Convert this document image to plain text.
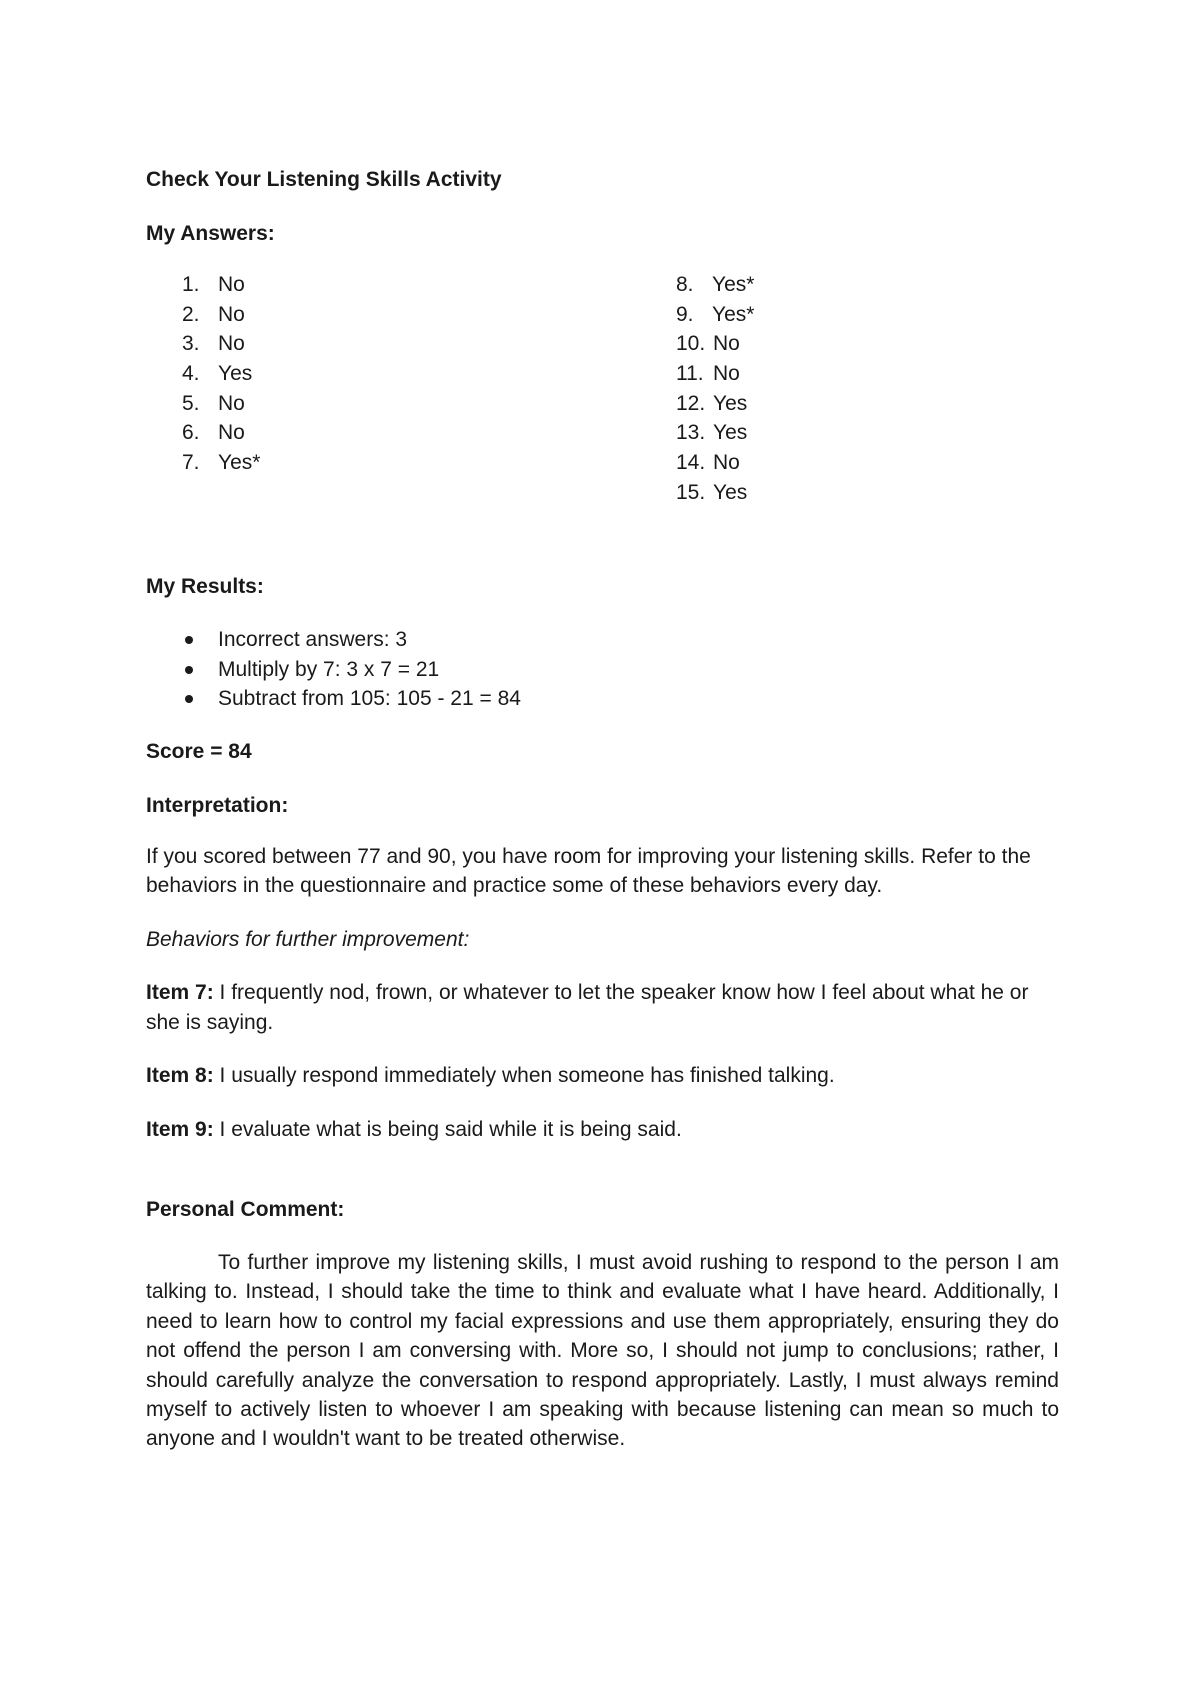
Check Your Listening Skills Activity

My Answers:

1. No
2. No
3. No
4. Yes
5. No
6. No
7. Yes*
8. Yes*
9. Yes*
10. No
11. No
12. Yes
13. Yes
14. No
15. Yes

My Results:

Incorrect answers: 3
Multiply by 7: 3 x 7 = 21
Subtract from 105: 105 - 21 = 84

Score = 84

Interpretation:

If you scored between 77 and 90, you have room for improving your listening skills. Refer to the behaviors in the questionnaire and practice some of these behaviors every day.

Behaviors for further improvement:

Item 7: I frequently nod, frown, or whatever to let the speaker know how I feel about what he or she is saying.

Item 8: I usually respond immediately when someone has finished talking.

Item 9: I evaluate what is being said while it is being said.

Personal Comment:

To further improve my listening skills, I must avoid rushing to respond to the person I am talking to. Instead, I should take the time to think and evaluate what I have heard. Additionally, I need to learn how to control my facial expressions and use them appropriately, ensuring they do not offend the person I am conversing with. More so, I should not jump to conclusions; rather, I should carefully analyze the conversation to respond appropriately. Lastly, I must always remind myself to actively listen to whoever I am speaking with because listening can mean so much to anyone and I wouldn't want to be treated otherwise.
